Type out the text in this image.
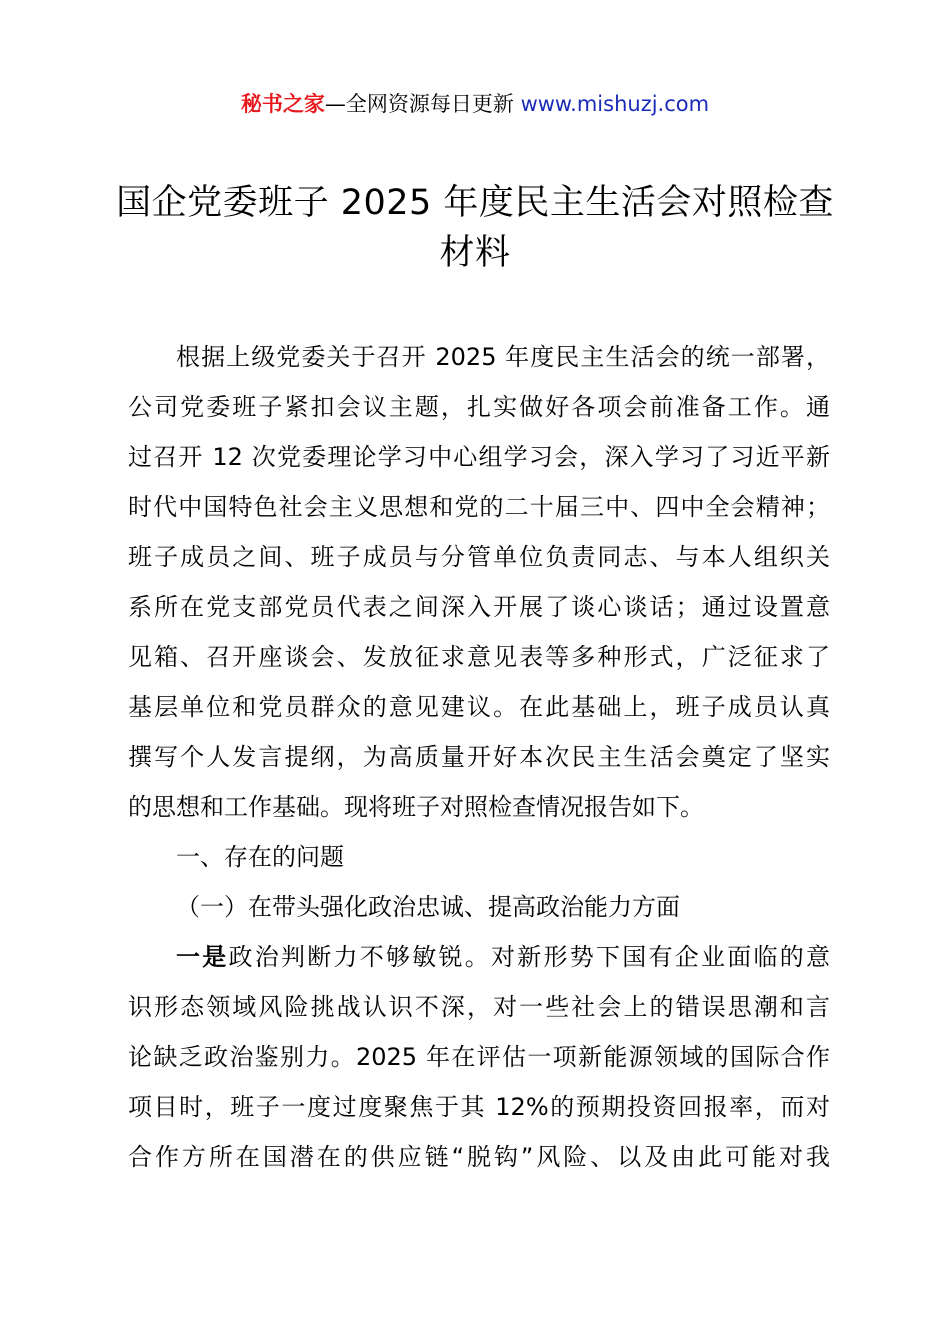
秘书之家—全网资源每日更新 www.mishuzj.com
国企党委班子 2025 年度民主生活会对照检查
材料
根据上级党委关于召开 2025 年度民主生活会的统一部署，
公司党委班子紧扣会议主题，扎实做好各项会前准备工作。通
过召开 12 次党委理论学习中心组学习会，深入学习了习近平新
时代中国特色社会主义思想和党的二十届三中、四中全会精神；
班子成员之间、班子成员与分管单位负责同志、与本人组织关
系所在党支部党员代表之间深入开展了谈心谈话；通过设置意
见箱、召开座谈会、发放征求意见表等多种形式，广泛征求了
基层单位和党员群众的意见建议。在此基础上，班子成员认真
撰写个人发言提纲，为高质量开好本次民主生活会奠定了坚实
的思想和工作基础。现将班子对照检查情况报告如下。
一、存在的问题
（一）在带头强化政治忠诚、提高政治能力方面
一是政治判断力不够敏锐。对新形势下国有企业面临的意
识形态领域风险挑战认识不深，对一些社会上的错误思潮和言
论缺乏政治鉴别力。2025 年在评估一项新能源领域的国际合作
项目时，班子一度过度聚焦于其 12%的预期投资回报率，而对
合作方所在国潜在的供应链“脱钩”风险、以及由此可能对我
